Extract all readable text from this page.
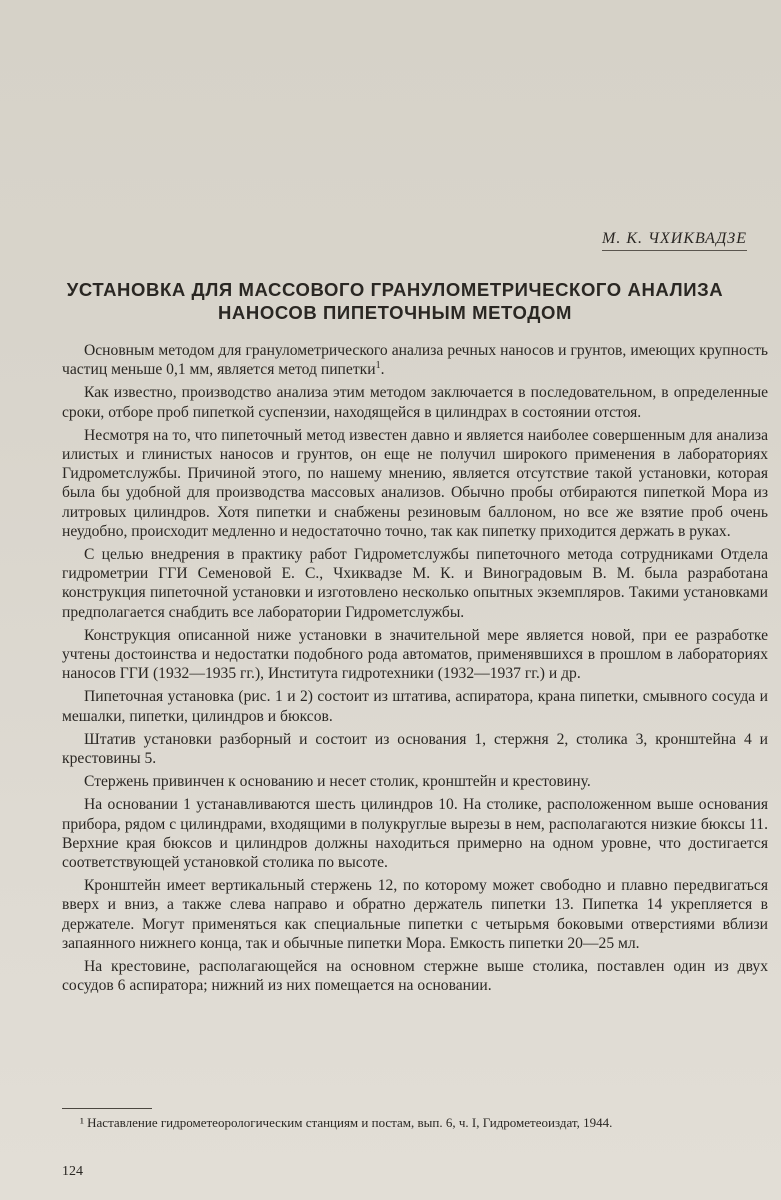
М. К. ЧХИКВАДЗЕ
УСТАНОВКА ДЛЯ МАССОВОГО ГРАНУЛОМЕТРИЧЕСКОГО АНАЛИЗА
НАНОСОВ ПИПЕТОЧНЫМ МЕТОДОМ

Основным методом для гранулометрического анализа речных наносов и грунтов, имеющих крупность частиц меньше 0,1 мм, является метод пипетки$^1$.

Как известно, производство анализа этим методом заключается в последовательном, в определенные сроки, отборе проб пипеткой суспензии, находящейся в цилиндрах в состоянии отстоя.

Несмотря на то, что пипеточный метод известен давно и является наиболее совершенным для анализа илистых и глинистых наносов и грунтов, он еще не получил широкого применения в лабораториях Гидрометслужбы. Причиной этого, по нашему мнению, является отсутствие такой установки, которая была бы удобной для производства массовых анализов. Обычно пробы отбираются пипеткой Мора из литровых цилиндров. Хотя пипетки и снабжены резиновым баллоном, но все же взятие проб очень неудобно, происходит медленно и недостаточно точно, так как пипетку приходится держать в руках.

С целью внедрения в практику работ Гидрометслужбы пипеточного метода сотрудниками Отдела гидрометрии ГГИ Семеновой Е. С., Чхиквадзе М. К. и Виноградовым В. М. была разработана конструкция пипеточной установки и изготовлено несколько опытных экземпляров. Такими установками предполагается снабдить все лаборатории Гидрометслужбы.

Конструкция описанной ниже установки в значительной мере является новой, при ее разработке учтены достоинства и недостатки подобного рода автоматов, применявшихся в прошлом в лабораториях наносов ГГИ (1932—1935 гг.), Института гидротехники (1932—1937 гг.) и др.

Пипеточная установка (рис. 1 и 2) состоит из штатива, аспиратора, крана пипетки, смывного сосуда и мешалки, пипетки, цилиндров и бюксов.

Штатив установки разборный и состоит из основания 1, стержня 2, столика 3, кронштейна 4 и крестовины 5.

Стержень привинчен к основанию и несет столик, кронштейн и крестовину.

На основании 1 устанавливаются шесть цилиндров 10. На столике, расположенном выше основания прибора, рядом с цилиндрами, входящими в полукруглые вырезы в нем, располагаются низкие бюксы 11. Верхние края бюксов и цилиндров должны находиться примерно на одном уровне, что достигается соответствующей установкой столика по высоте.

Кронштейн имеет вертикальный стержень 12, по которому может свободно и плавно передвигаться вверх и вниз, а также слева направо и обратно держатель пипетки 13. Пипетка 14 укрепляется в держателе. Могут применяться как специальные пипетки с четырьмя боковыми отверстиями вблизи запаянного нижнего конца, так и обычные пипетки Мора. Емкость пипетки 20—25 мл.

На крестовине, располагающейся на основном стержне выше столика, поставлен один из двух сосудов 6 аспиратора; нижний из них помещается на основании.

¹ Наставление гидрометеорологическим станциям и постам, вып. 6, ч. I, Гидрометеоиздат, 1944.
124
